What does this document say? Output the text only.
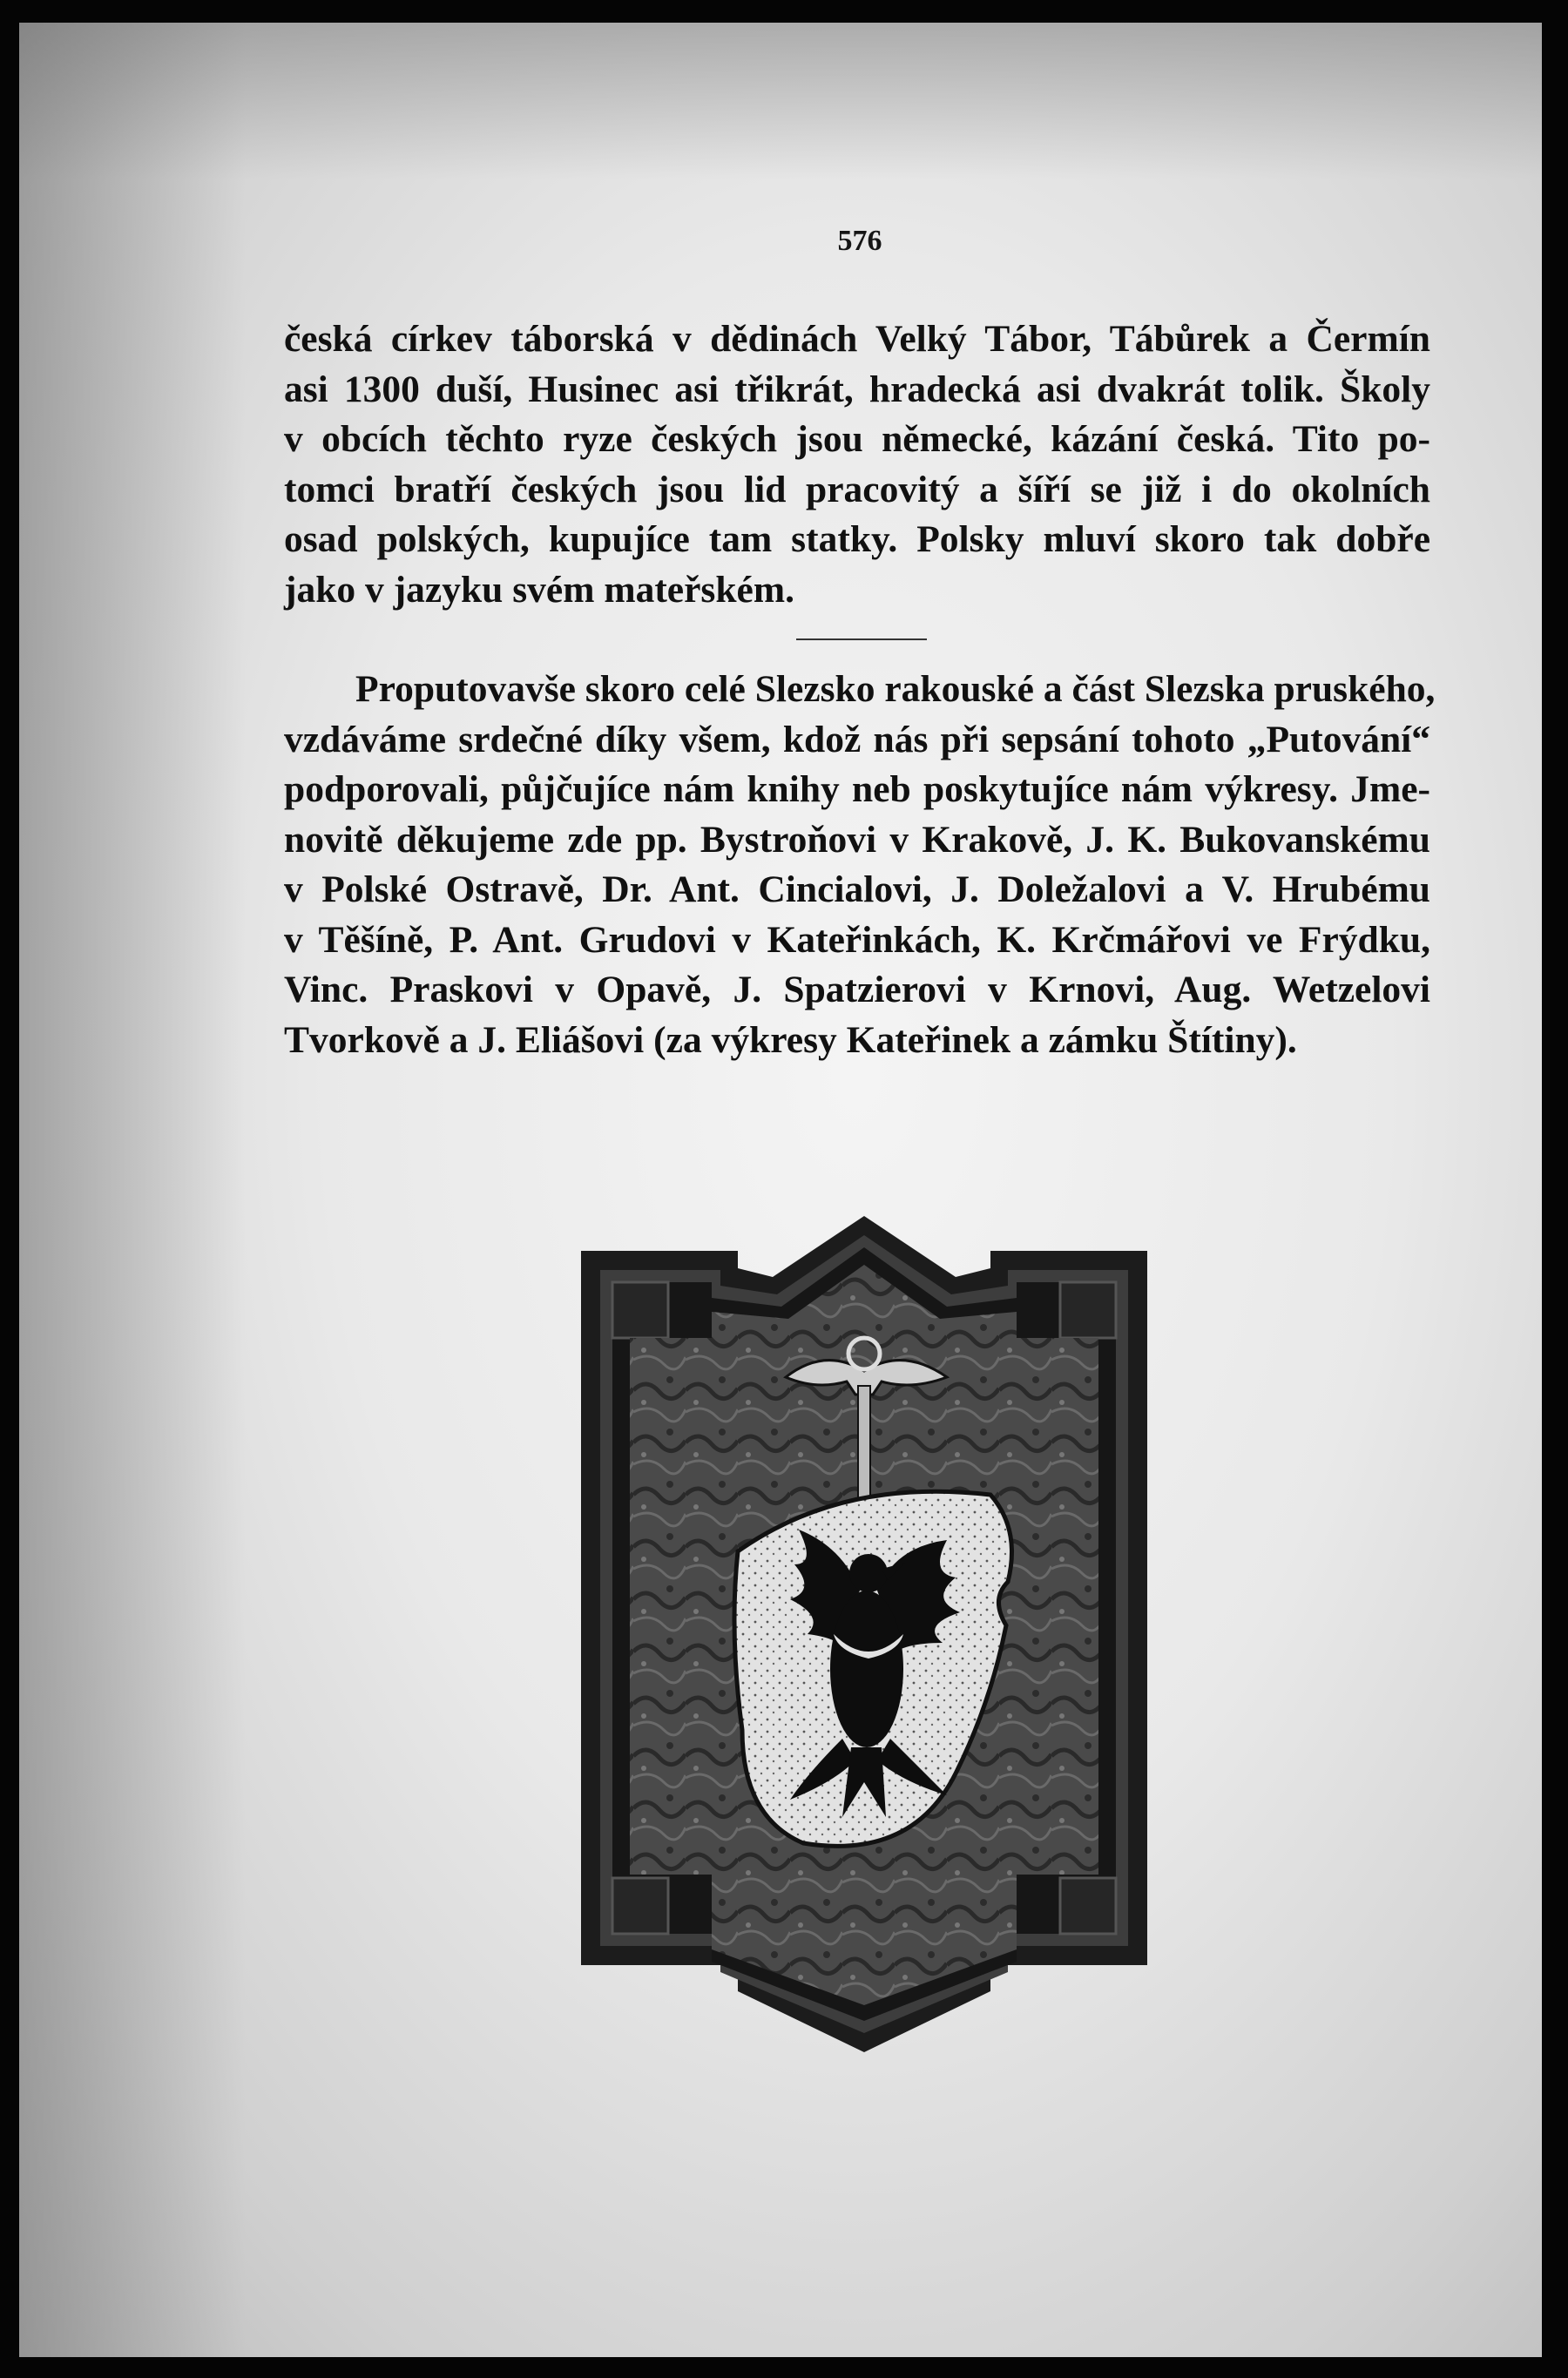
576
česká církev táborská v dědinách Velký Tábor, Tábůrek a Čermín
asi 1300 duší, Husinec asi třikrát, hradecká asi dvakrát tolik. Školy
v obcích těchto ryze českých jsou německé, kázání česká. Tito po-
tomci bratří českých jsou lid pracovitý a šíří se již i do okolních
osad polských, kupujíce tam statky. Polsky mluví skoro tak dobře
jako v jazyku svém mateřském.
Proputovavše skoro celé Slezsko rakouské a část Slezska pruského,
vzdáváme srdečné díky všem, kdož nás při sepsání tohoto „Putování“
podporovali, půjčujíce nám knihy neb poskytujíce nám výkresy. Jme-
novitě děkujeme zde pp. Bystroňovi v Krakově, J. K. Bukovanskému
v Polské Ostravě, Dr. Ant. Cincialovi, J. Doležalovi a V. Hrubému
v Těšíně, P. Ant. Grudovi v Kateřinkách, K. Krčmářovi ve Frýdku,
Vinc. Praskovi v Opavě, J. Spatzierovi v Krnovi, Aug. Wetzelovi
Tvorkově a J. Eliášovi (za výkresy Kateřinek a zámku Štítiny).
